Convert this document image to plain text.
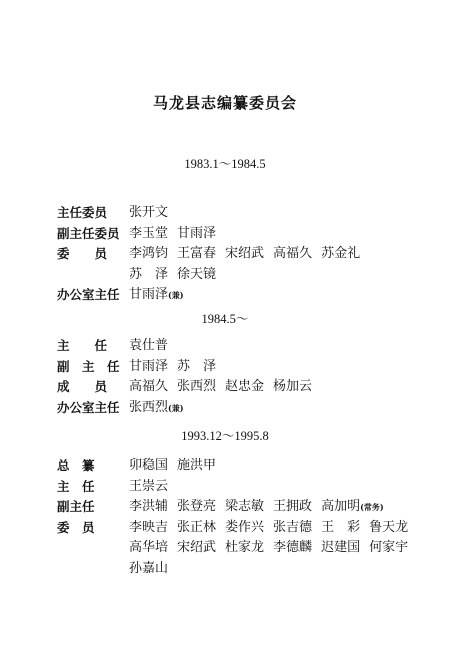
马龙县志编纂委员会
1983.1～1984.5
主任委员	张开文
副主任委员 李玉堂 甘雨泽
委　　员	李鸿钧 王富春 宋绍武 高福久 苏金礼
苏　泽 徐天镜
办公室主任 甘雨泽(兼)
1984.5～
主　　任	袁仕普
副　主　任 甘雨泽 苏　泽
成　　员	高福久 张西烈 赵忠金 杨加云
办公室主任 张西烈(兼)
1993.12～1995.8
总　纂	卯稳国 施洪甲
主　任	王崇云
副主任	李洪辅 张登亮 梁志敏 王拥政 高加明(常务)
委　员	李映吉 张正林 娄作兴 张吉德 王　彩 鲁天龙
高华培 宋绍武 杜家龙 李德麟 迟建国 何家宇
孙嘉山
